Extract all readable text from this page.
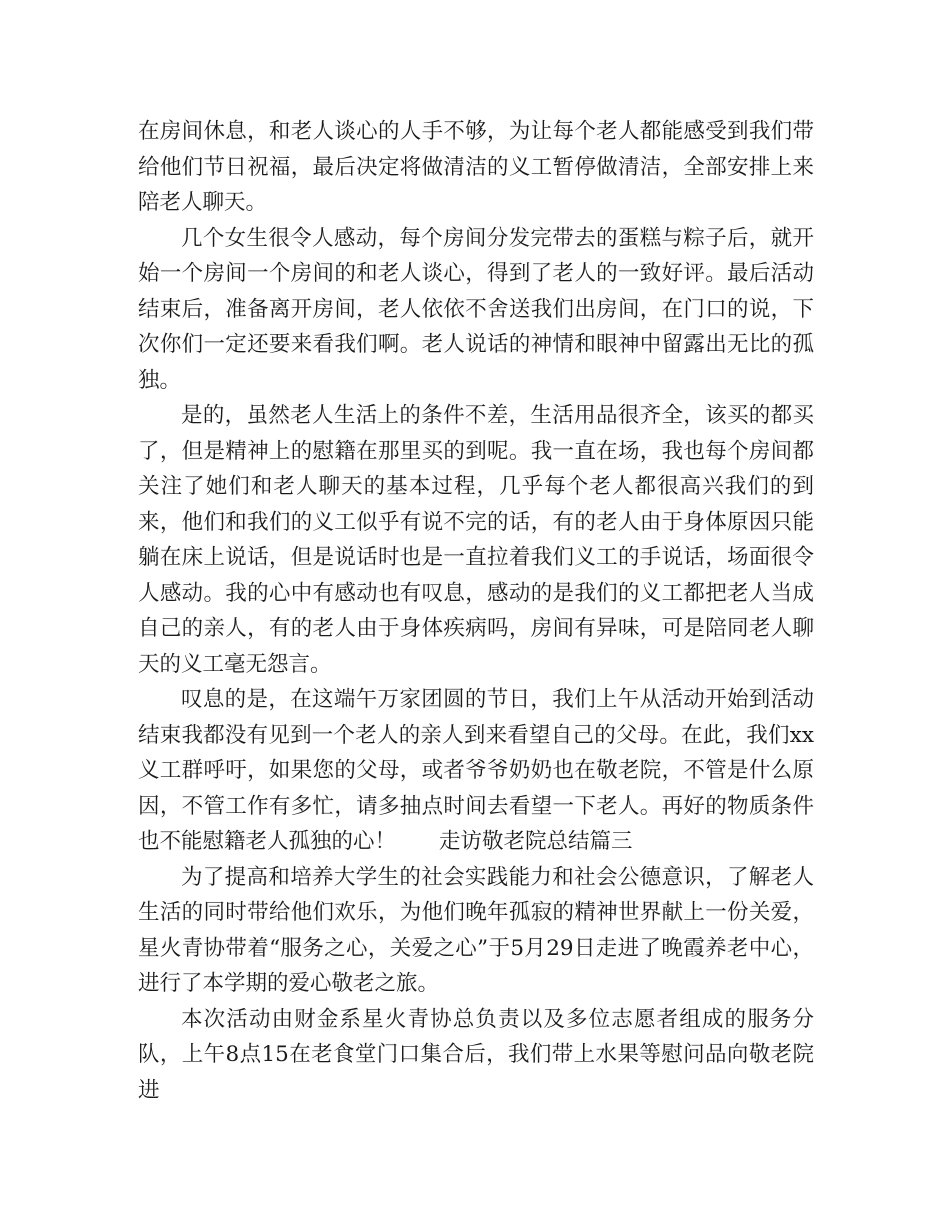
在房间休息，和老人谈心的人手不够，为让每个老人都能感受到我们带给他们节日祝福，最后决定将做清洁的义工暂停做清洁，全部安排上来陪老人聊天。

几个女生很令人感动，每个房间分发完带去的蛋糕与粽子后，就开始一个房间一个房间的和老人谈心，得到了老人的一致好评。最后活动结束后，准备离开房间，老人依依不舍送我们出房间，在门口的说，下次你们一定还要来看我们啊。老人说话的神情和眼神中留露出无比的孤独。

是的，虽然老人生活上的条件不差，生活用品很齐全，该买的都买了，但是精神上的慰籍在那里买的到呢。我一直在场，我也每个房间都关注了她们和老人聊天的基本过程，几乎每个老人都很高兴我们的到来，他们和我们的义工似乎有说不完的话，有的老人由于身体原因只能躺在床上说话，但是说话时也是一直拉着我们义工的手说话，场面很令人感动。我的心中有感动也有叹息，感动的是我们的义工都把老人当成自己的亲人，有的老人由于身体疾病吗，房间有异味，可是陪同老人聊天的义工毫无怨言。

叹息的是，在这端午万家团圆的节日，我们上午从活动开始到活动结束我都没有见到一个老人的亲人到来看望自己的父母。在此，我们xx义工群呼吁，如果您的父母，或者爷爷奶奶也在敬老院，不管是什么原因，不管工作有多忙，请多抽点时间去看望一下老人。再好的物质条件也不能慰籍老人孤独的心！　　走访敬老院总结篇三

为了提高和培养大学生的社会实践能力和社会公德意识，了解老人生活的同时带给他们欢乐，为他们晚年孤寂的精神世界献上一份关爱，星火青协带着“服务之心，关爱之心”于5月29日走进了晚霞养老中心，进行了本学期的爱心敬老之旅。

本次活动由财金系星火青协总负责以及多位志愿者组成的服务分队，上午8点15在老食堂门口集合后，我们带上水果等慰问品向敬老院进
